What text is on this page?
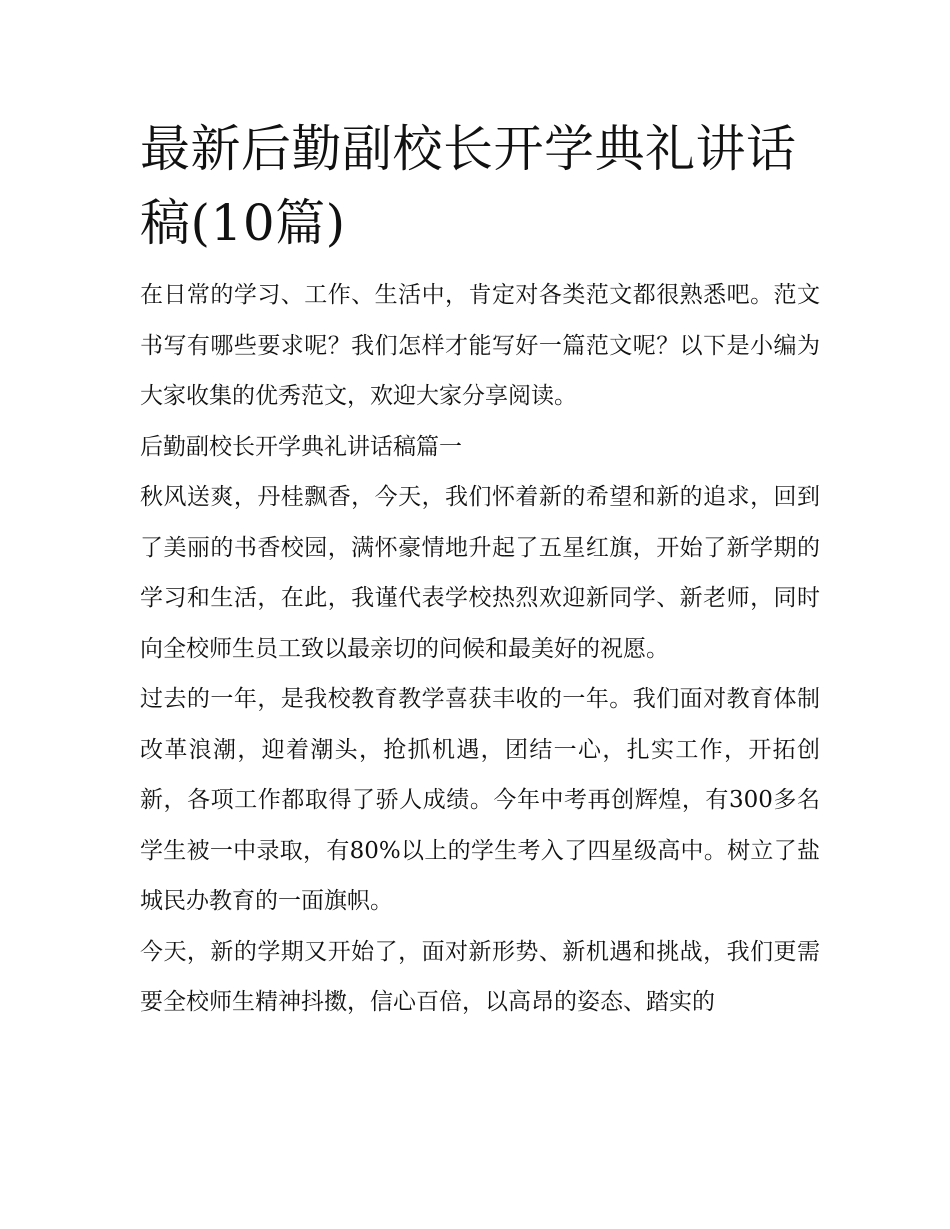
最新后勤副校长开学典礼讲话稿(10篇)

在日常的学习、工作、生活中，肯定对各类范文都很熟悉吧。范文书写有哪些要求呢？我们怎样才能写好一篇范文呢？以下是小编为大家收集的优秀范文，欢迎大家分享阅读。

后勤副校长开学典礼讲话稿篇一

秋风送爽，丹桂飘香，今天，我们怀着新的希望和新的追求，回到了美丽的书香校园，满怀豪情地升起了五星红旗，开始了新学期的学习和生活，在此，我谨代表学校热烈欢迎新同学、新老师，同时向全校师生员工致以最亲切的问候和最美好的祝愿。

过去的一年，是我校教育教学喜获丰收的一年。我们面对教育体制改革浪潮，迎着潮头，抢抓机遇，团结一心，扎实工作，开拓创新，各项工作都取得了骄人成绩。今年中考再创辉煌，有300多名学生被一中录取，有80%以上的学生考入了四星级高中。树立了盐城民办教育的一面旗帜。

今天，新的学期又开始了，面对新形势、新机遇和挑战，我们更需要全校师生精神抖擞，信心百倍，以高昂的姿态、踏实的
